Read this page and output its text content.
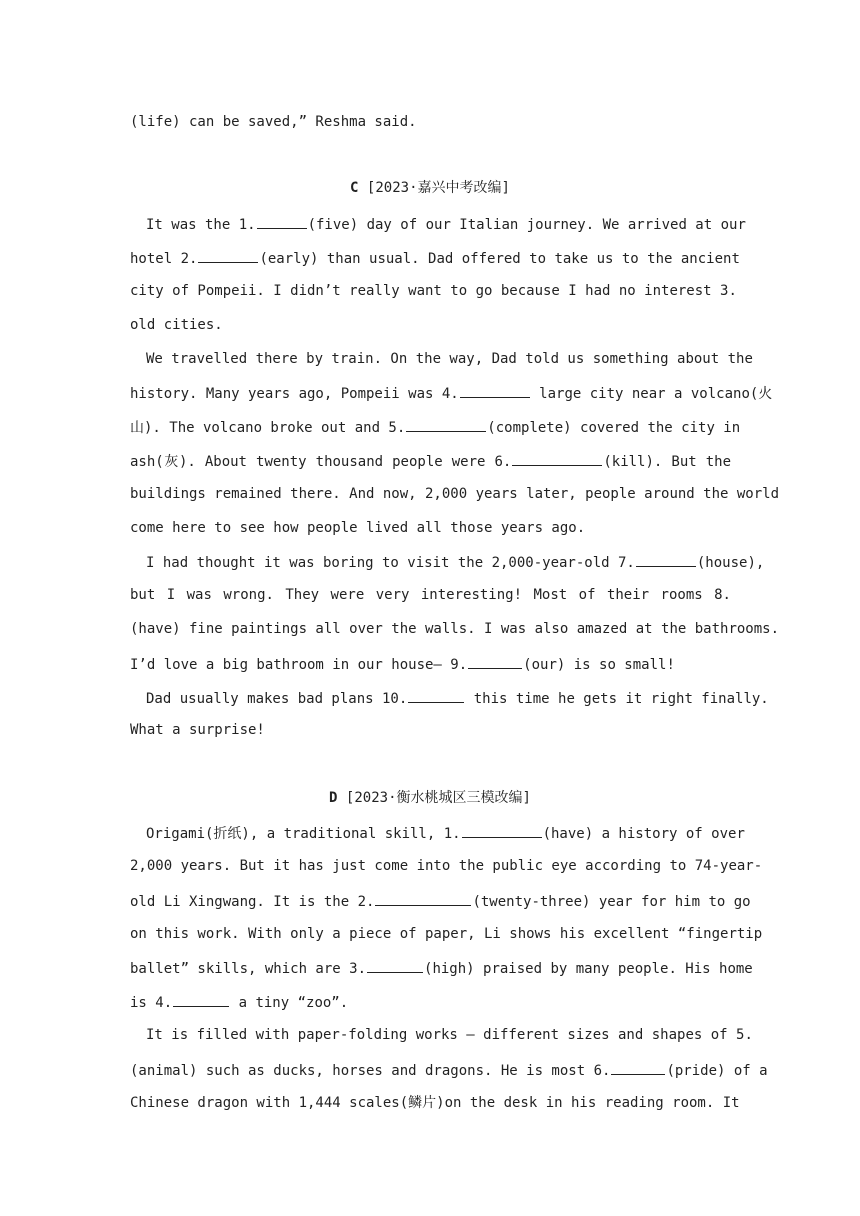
(life) can be saved,” Reshma said.
C [2023·嘉兴中考改编]
It was the 1.	(five) day of our Italian journey. We arrived at our
hotel 2.	(early) than usual. Dad offered to take us to the ancient
city of Pompeii. I didn’t really want to go because I had no interest 3.
old cities.
We travelled there by train. On the way, Dad told us something about the
history. Many years ago, Pompeii was 4.	large city near a volcano(火
山). The volcano broke out and 5.	(complete) covered the city in
ash(灰). About twenty thousand people were 6.	(kill). But the
buildings remained there. And now, 2,000 years later, people around the world
come here to see how people lived all those years ago.
I had thought it was boring to visit the 2,000-year-old 7.	(house),
but I was wrong. They were very interesting! Most of their rooms 8.
(have) fine paintings all over the walls. I was also amazed at the bathrooms.
I’d love a big bathroom in our house— 9.	(our) is so small!
Dad usually makes bad plans 10.	this time he gets it right finally.
What a surprise!
D [2023·衡水桃城区三模改编]
Origami(折纸), a traditional skill, 1.	(have) a history of over
2,000 years. But it has just come into the public eye according to 74-year-
old Li Xingwang. It is the 2.	(twenty-three) year for him to go
on this work. With only a piece of paper, Li shows his excellent “fingertip
ballet” skills, which are 3.	(high) praised by many people. His home
is 4.	a tiny “zoo”.
It is filled with paper-folding works — different sizes and shapes of 5.
(animal) such as ducks, horses and dragons. He is most 6.	(pride) of a
Chinese dragon with 1,444 scales(鳞片)on the desk in his reading room. It
